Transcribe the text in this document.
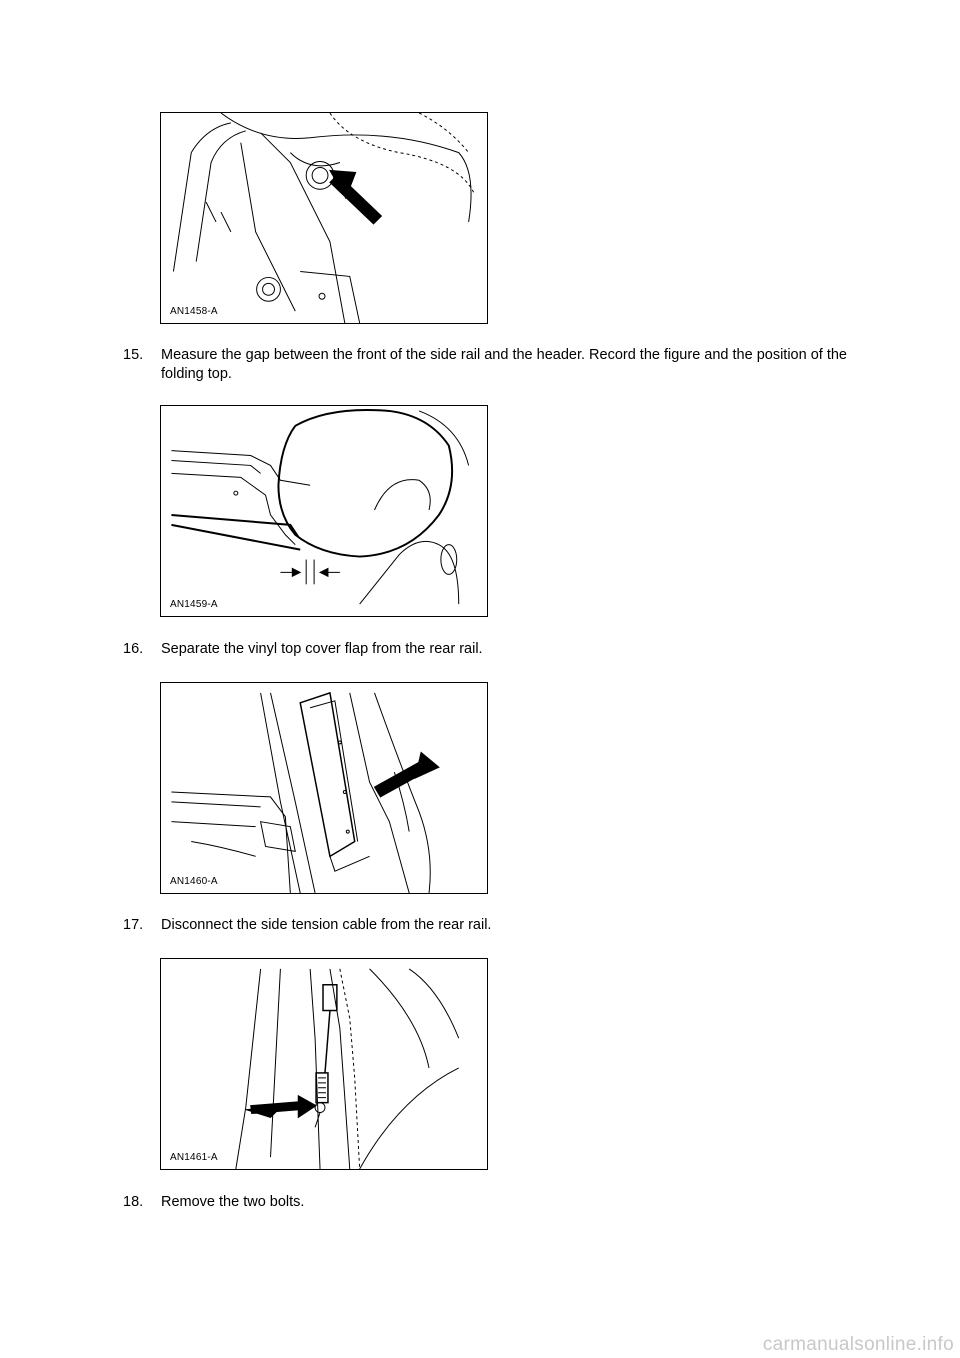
AN1458-A
15. Measure the gap between the front of the side rail and the header. Record the figure and the position of the folding top.
AN1459-A
16. Separate the vinyl top cover flap from the rear rail.
AN1460-A
17. Disconnect the side tension cable from the rear rail.
AN1461-A
18. Remove the two bolts.
carmanualsonline.info
